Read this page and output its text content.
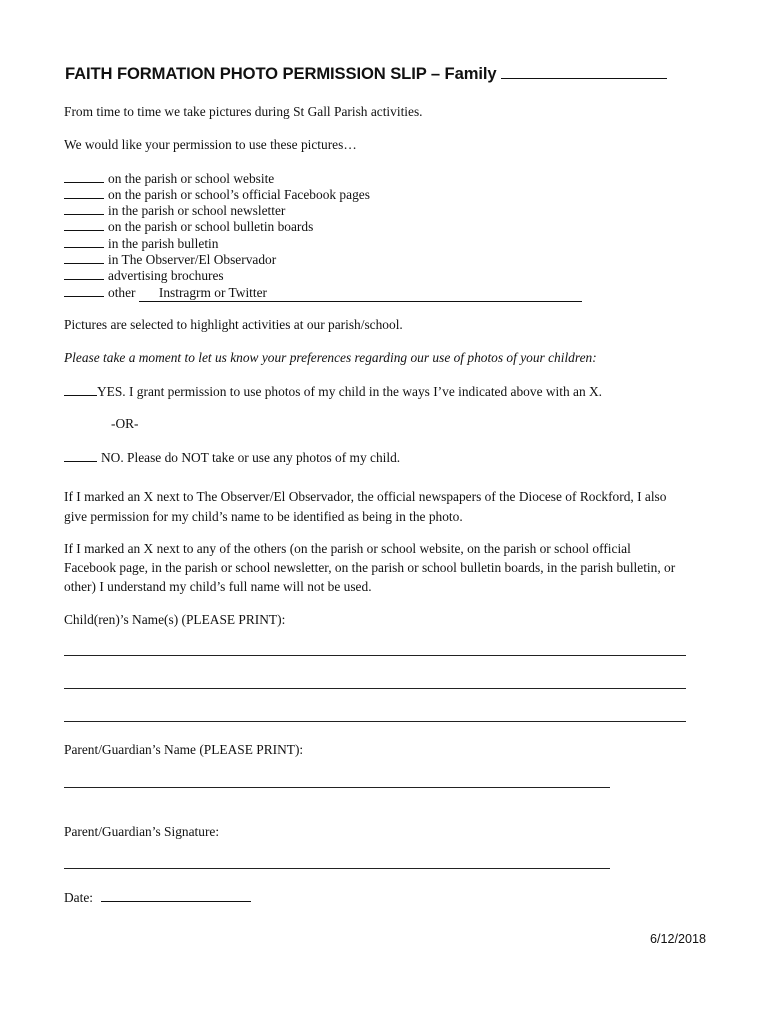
FAITH FORMATION PHOTO PERMISSION SLIP – Family
From time to time we take pictures during St Gall Parish activities.
We would like your permission to use these pictures…
on the parish or school website
on the parish or school’s official Facebook pages
in the parish or school newsletter
on the parish or school bulletin boards
in the parish bulletin
in The Observer/El Observador
advertising brochures
other Instragrm or Twitter
Pictures are selected to highlight activities at our parish/school.
Please take a moment to let us know your preferences regarding our use of photos of your children:
YES. I grant permission to use photos of my child in the ways I’ve indicated above with an X.
-OR-
NO. Please do NOT take or use any photos of my child.
If I marked an X next to The Observer/El Observador, the official newspapers of the Diocese of Rockford, I also
give permission for my child’s name to be identified as being in the photo.
If I marked an X next to any of the others (on the parish or school website, on the parish or school official
Facebook page, in the parish or school newsletter, on the parish or school bulletin boards, in the parish bulletin, or
other) I understand my child’s full name will not be used.
Child(ren)’s Name(s) (PLEASE PRINT):
Parent/Guardian’s Name (PLEASE PRINT):
Parent/Guardian’s Signature:
Date:
6/12/2018
